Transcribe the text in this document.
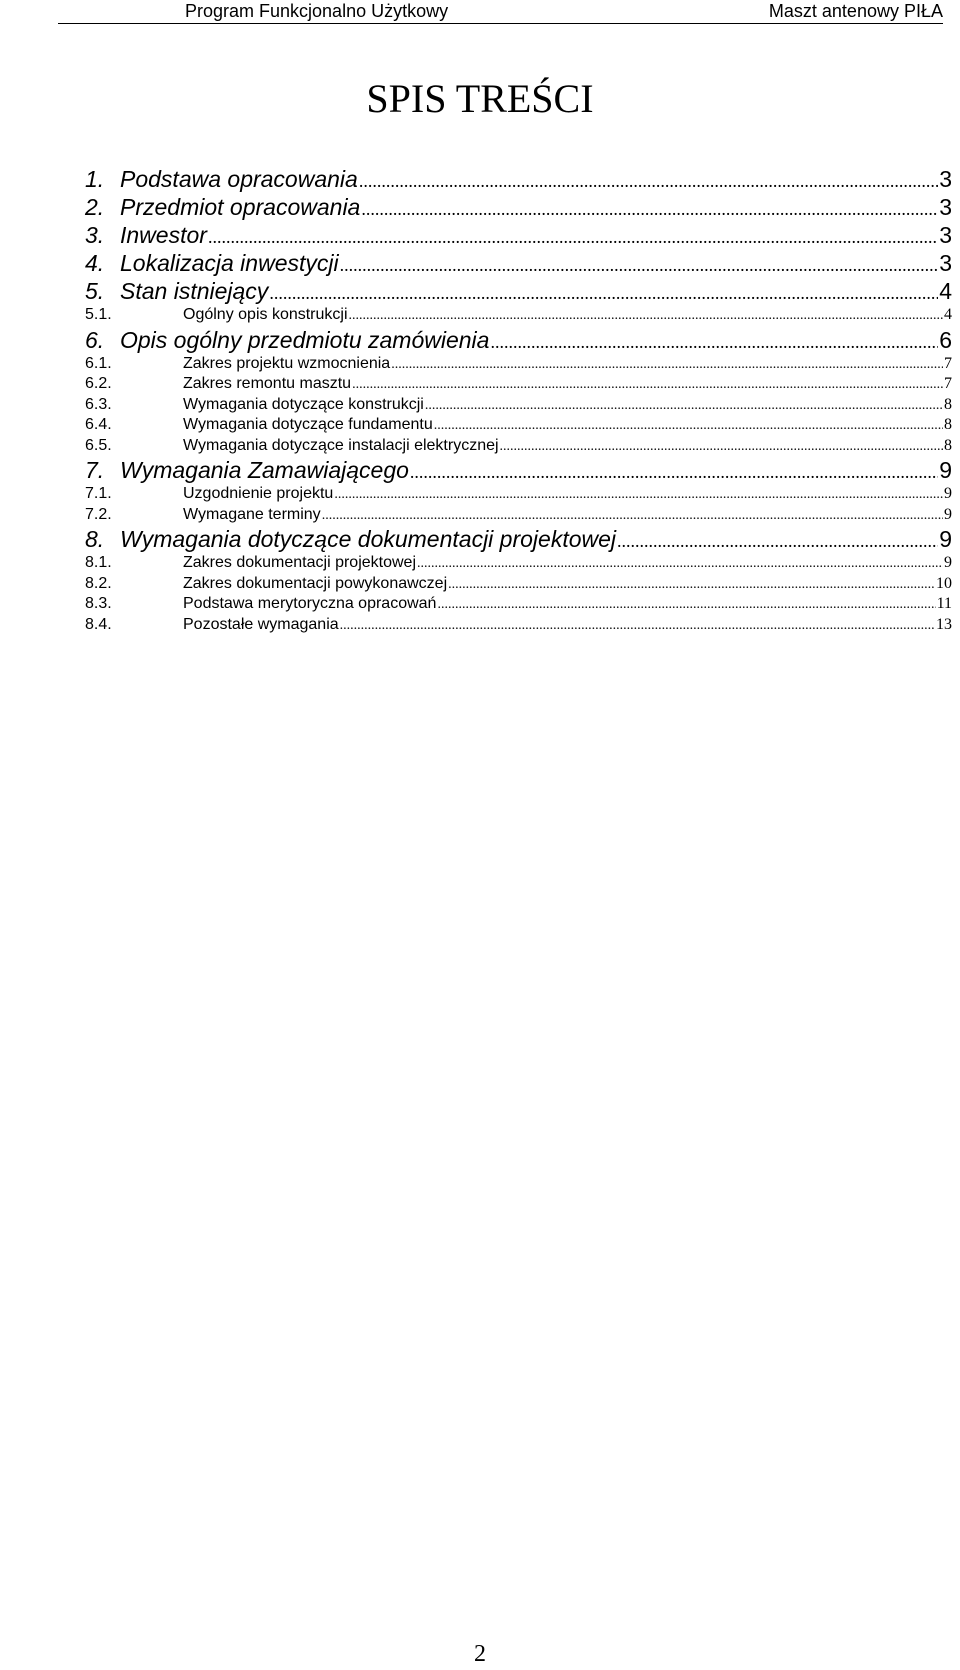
Program Funkcjonalno Użytkowy	Maszt antenowy PIŁA
SPIS TREŚCI
1. Podstawa opracowania .....	3
2. Przedmiot opracowania .....	3
3. Inwestor .....	3
4. Lokalizacja inwestycji .....	3
5. Stan istniejący .....	4
5.1.	Ogólny opis konstrukcji .....	4
6. Opis ogólny przedmiotu zamówienia .....	6
6.1.	Zakres projektu wzmocnienia .....	7
6.2.	Zakres remontu masztu .....	7
6.3.	Wymagania dotyczące konstrukcji .....	8
6.4.	Wymagania dotyczące fundamentu .....	8
6.5.	Wymagania dotyczące instalacji elektrycznej .....	8
7. Wymagania Zamawiającego .....	9
7.1.	Uzgodnienie projektu .....	9
7.2.	Wymagane terminy .....	9
8. Wymagania dotyczące dokumentacji projektowej .....	9
8.1.	Zakres dokumentacji projektowej .....	9
8.2.	Zakres dokumentacji powykonawczej .....	10
8.3.	Podstawa merytoryczna opracowań .....	11
8.4.	Pozostałe wymagania .....	13
2
